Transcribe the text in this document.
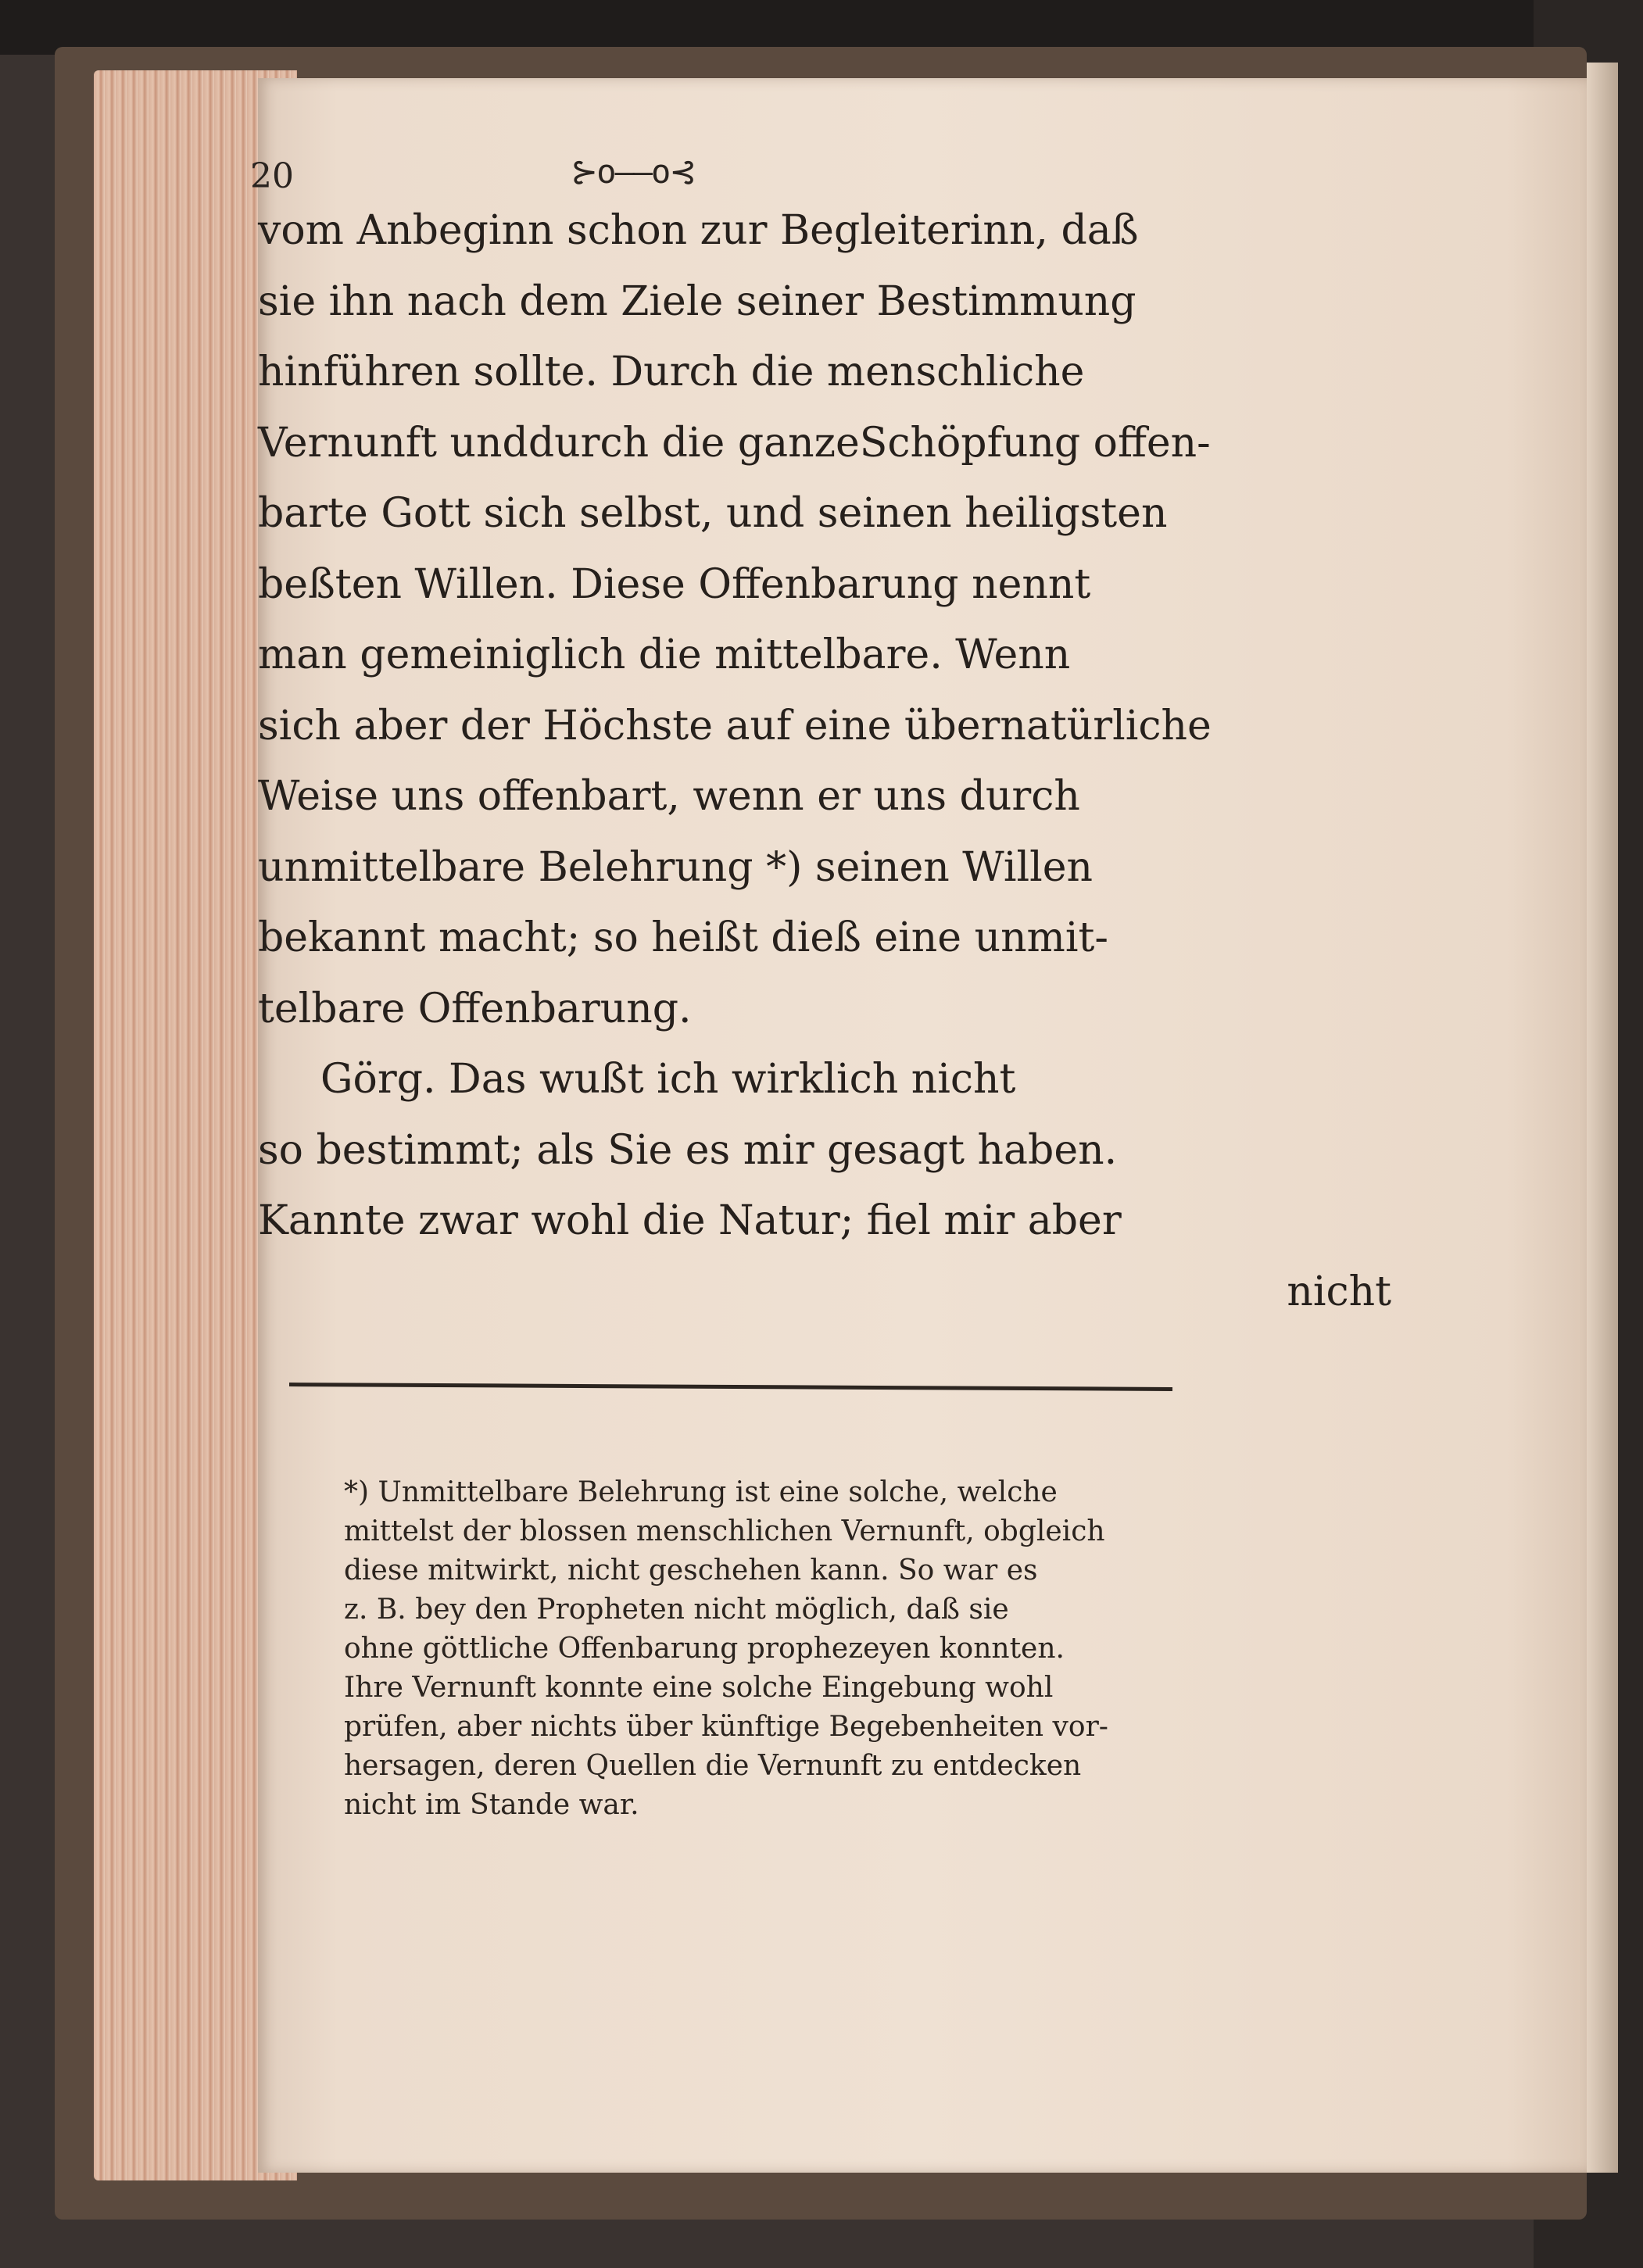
20	⊱o——o⊰
vom Anbeginn schon zur Begleiterinn, daß
sie ihn nach dem Ziele seiner Bestimmung
hinführen sollte. Durch die menschliche
Vernunft unddurch die ganzeSchöpfung offen-
barte Gott sich selbst, und seinen heiligsten
beßten Willen. Diese Offenbarung nennt
man gemeiniglich die mittelbare. Wenn
sich aber der Höchste auf eine übernatürliche
Weise uns offenbart, wenn er uns durch
unmittelbare Belehrung *) seinen Willen
bekannt macht; so heißt dieß eine unmit-
telbare Offenbarung.
Görg. Das wußt ich wirklich nicht
so bestimmt; als Sie es mir gesagt haben.
Kannte zwar wohl die Natur; fiel mir aber
nicht
*) Unmittelbare Belehrung ist eine solche, welche
mittelst der blossen menschlichen Vernunft, obgleich
diese mitwirkt, nicht geschehen kann. So war es
z. B. bey den Propheten nicht möglich, daß sie
ohne göttliche Offenbarung prophezeyen konnten.
Ihre Vernunft konnte eine solche Eingebung wohl
prüfen, aber nichts über künftige Begebenheiten vor-
hersagen, deren Quellen die Vernunft zu entdecken
nicht im Stande war.
